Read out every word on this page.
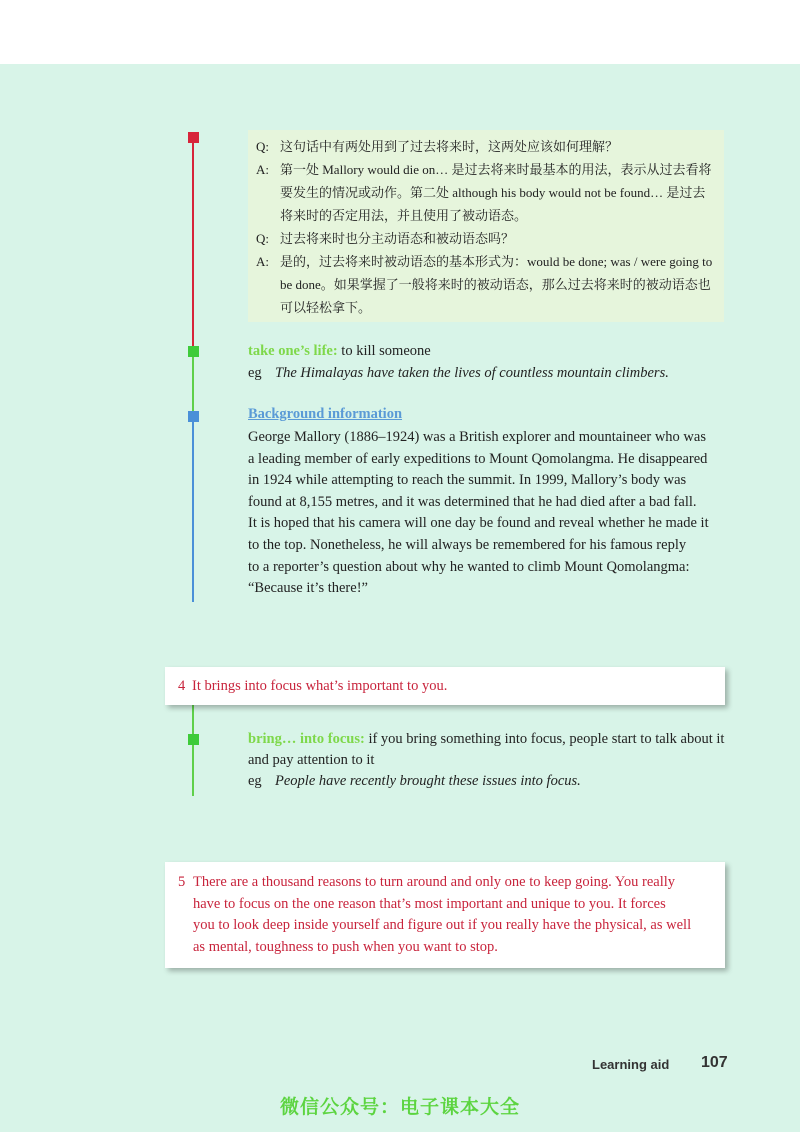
Q: 这句话中有两处用到了过去将来时，这两处应该如何理解？
A: 第一处 Mallory would die on… 是过去将来时最基本的用法，表示从过去看将
要发生的情况或动作。第二处 although his body would not be found… 是过去
将来时的否定用法，并且使用了被动语态。
Q: 过去将来时也分主动语态和被动语态吗？
A: 是的，过去将来时被动语态的基本形式为：would be done; was / were going to
be done。如果掌握了一般将来时的被动语态，那么过去将来时的被动语态也
可以轻松拿下。
take one’s life: to kill someone
eg The Himalayas have taken the lives of countless mountain climbers.
Background information
George Mallory (1886–1924) was a British explorer and mountaineer who was
a leading member of early expeditions to Mount Qomolangma. He disappeared
in 1924 while attempting to reach the summit. In 1999, Mallory’s body was
found at 8,155 metres, and it was determined that he had died after a bad fall.
It is hoped that his camera will one day be found and reveal whether he made it
to the top. Nonetheless, he will always be remembered for his famous reply
to a reporter’s question about why he wanted to climb Mount Qomolangma:
“Because it’s there!”
4 It brings into focus what’s important to you.
bring… into focus: if you bring something into focus, people start to talk about it
and pay attention to it
eg People have recently brought these issues into focus.
5 There are a thousand reasons to turn around and only one to keep going. You really
have to focus on the one reason that’s most important and unique to you. It forces
you to look deep inside yourself and figure out if you really have the physical, as well
as mental, toughness to push when you want to stop.
Learning aid 107
微信公众号：电子课本大全
